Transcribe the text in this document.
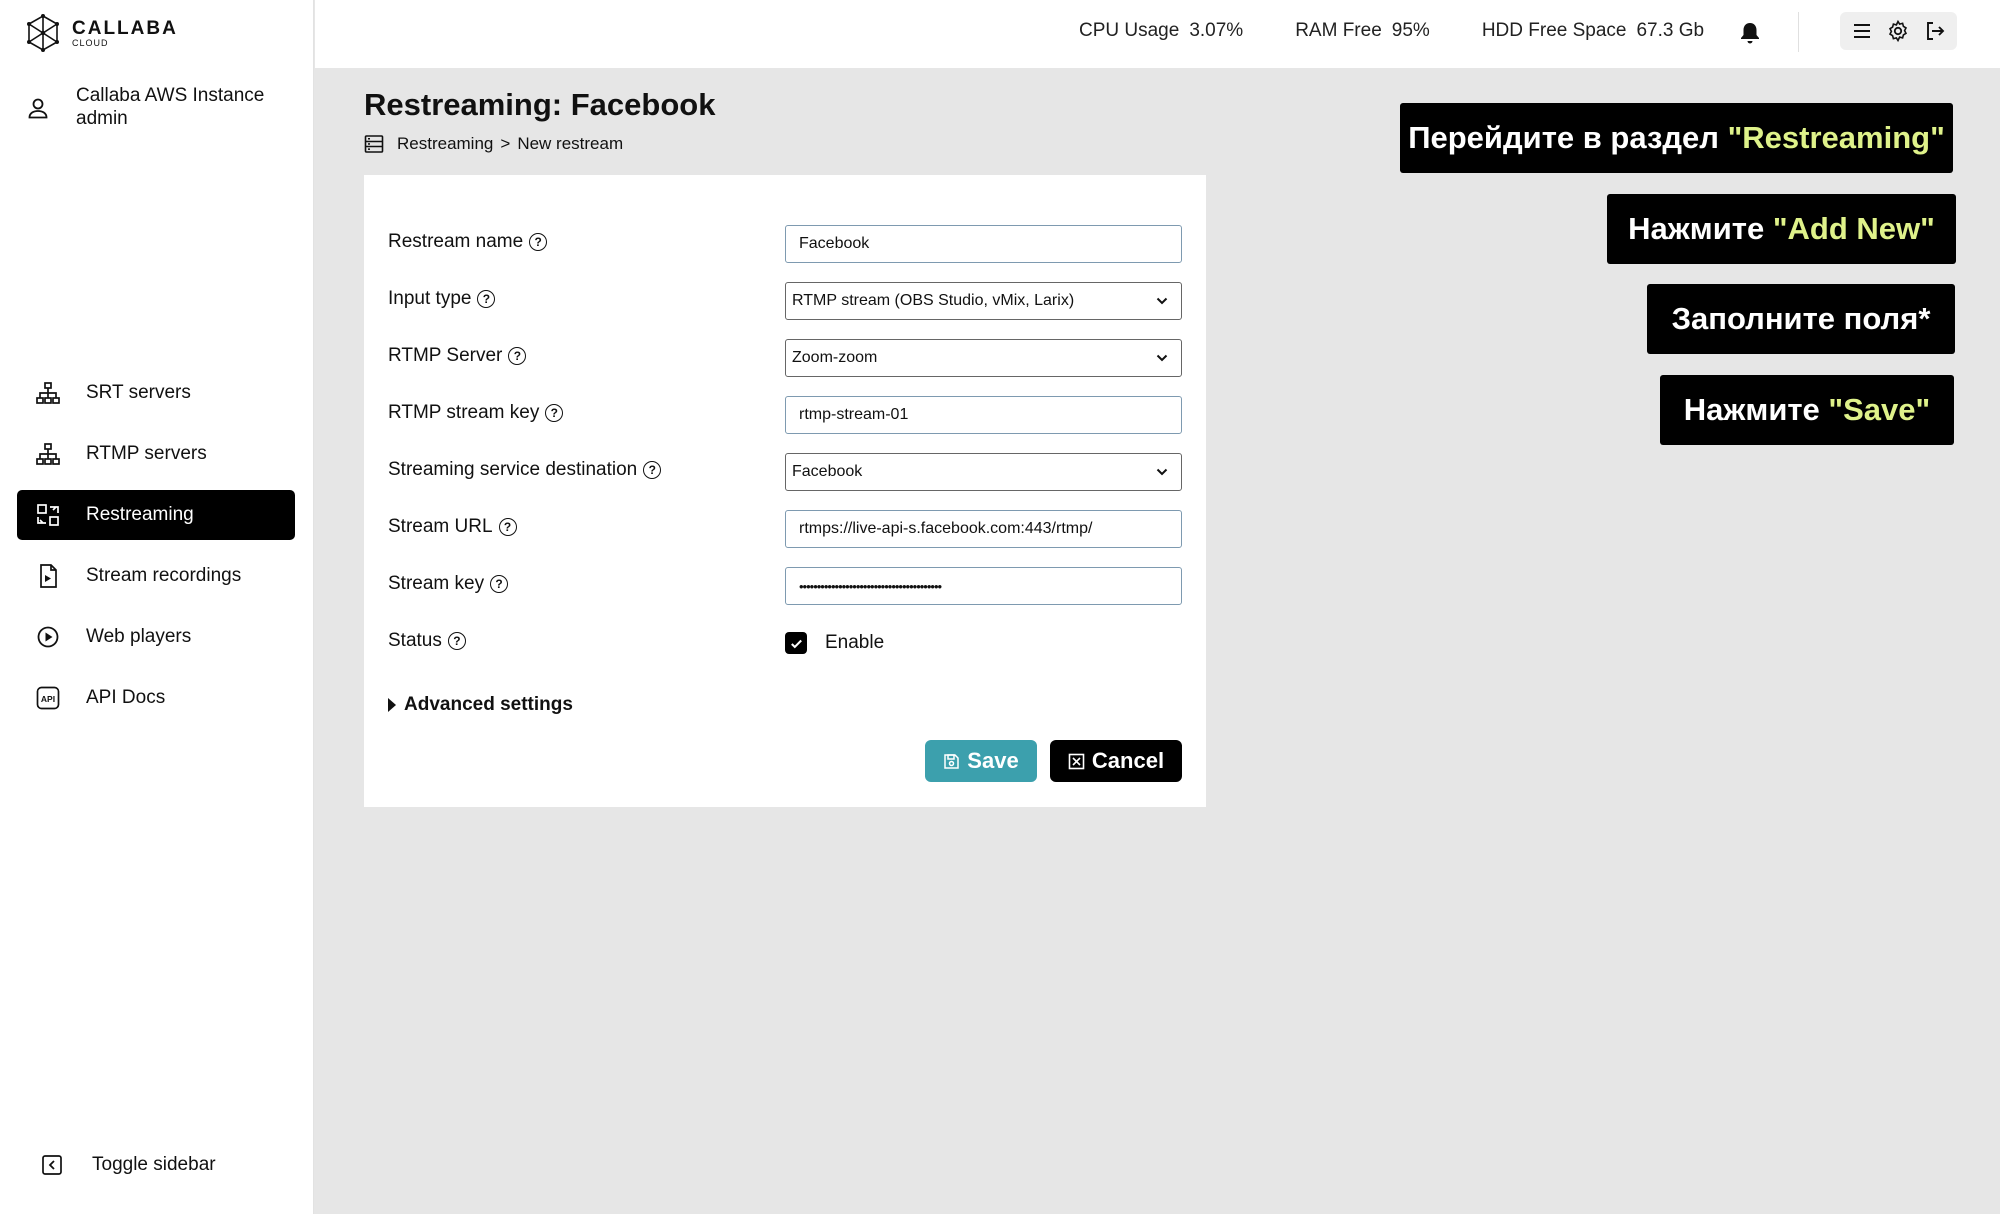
CALLABA
CLOUD
Callaba AWS Instance
admin
SRT servers
RTMP servers
Restreaming
Stream recordings
Web players
API API Docs
Toggle sidebar
CPU Usage 3.07%	RAM Free 95%	HDD Free Space 67.3 Gb
Restreaming: Facebook
Restreaming > New restream
Restream name ?	Facebook
Input type ?	RTMP stream (OBS Studio, vMix, Larix)
RTMP Server ?	Zoom-zoom
RTMP stream key ?	rtmp-stream-01
Streaming service destination ?	Facebook
Stream URL ?	rtmps://live-api-s.facebook.com:443/rtmp/
Stream key ?	••••••••••••••••••••••••••••••••••••••••
Status ?	Enable
Advanced settings
Save	Cancel
Перейдите в раздел "Restreaming"
Нажмите "Add New"
Заполните поля*
Нажмите "Save"
